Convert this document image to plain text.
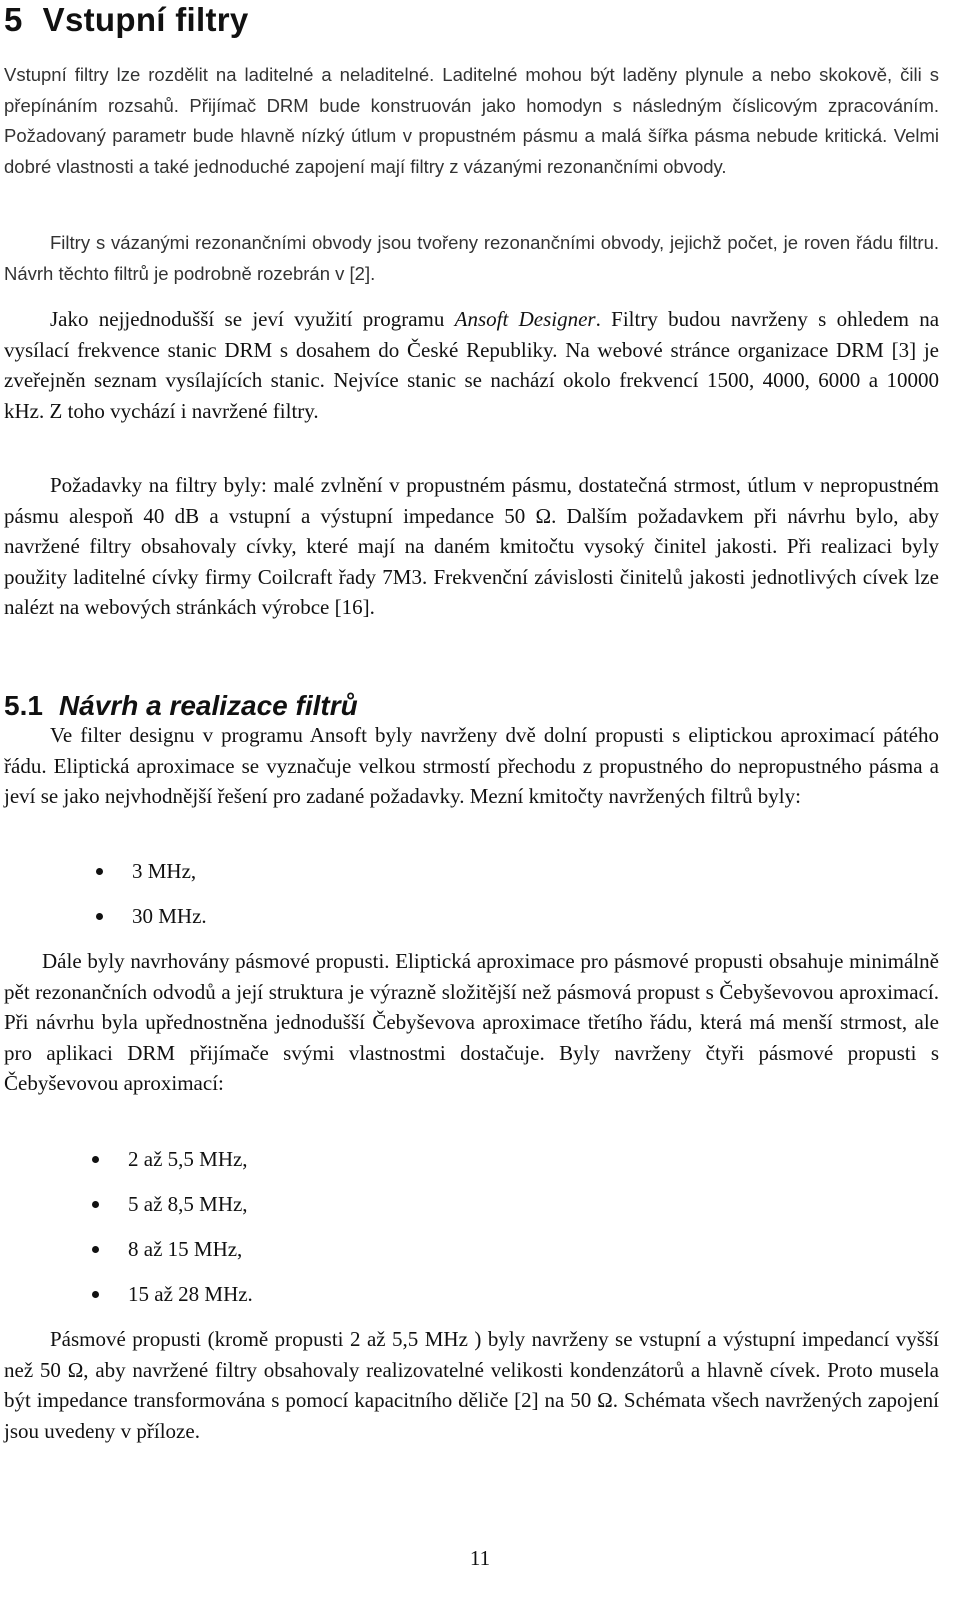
5 Vstupní filtry

Vstupní filtry lze rozdělit na laditelné a neladitelné. Laditelné mohou být laděny plynule a nebo skokově, čili s přepínáním rozsahů. Přijímač DRM bude konstruován jako homodyn s následným číslicovým zpracováním. Požadovaný parametr bude hlavně nízký útlum v propustném pásmu a malá šířka pásma nebude kritická. Velmi dobré vlastnosti a také jednoduché zapojení mají filtry z vázanými rezonančními obvody.

Filtry s vázanými rezonančními obvody jsou tvořeny rezonančními obvody, jejichž počet, je roven řádu filtru. Návrh těchto filtrů je podrobně rozebrán v [2].

Jako nejjednodušší se jeví využití programu Ansoft Designer. Filtry budou navrženy s ohledem na vysílací frekvence stanic DRM s dosahem do České Republiky. Na webové stránce organizace DRM [3] je zveřejněn seznam vysílajících stanic. Nejvíce stanic se nachází okolo frekvencí 1500, 4000, 6000 a 10000 kHz. Z toho vychází i navržené filtry.

Požadavky na filtry byly: malé zvlnění v propustném pásmu, dostatečná strmost, útlum v nepropustném pásmu alespoň 40 dB a vstupní a výstupní impedance 50 Ω. Dalším požadavkem při návrhu bylo, aby navržené filtry obsahovaly cívky, které mají na daném kmitočtu vysoký činitel jakosti. Při realizaci byly použity laditelné cívky firmy Coilcraft řady 7M3. Frekvenční závislosti činitelů jakosti jednotlivých cívek lze nalézt na webových stránkách výrobce [16].

5.1 Návrh a realizace filtrů

Ve filter designu v programu Ansoft byly navrženy dvě dolní propusti s eliptickou aproximací pátého řádu. Eliptická aproximace se vyznačuje velkou strmostí přechodu z propustného do nepropustného pásma a jeví se jako nejvhodnější řešení pro zadané požadavky. Mezní kmitočty navržených filtrů byly:

3 MHz,
30 MHz.

Dále byly navrhovány pásmové propusti. Eliptická aproximace pro pásmové propusti obsahuje minimálně pět rezonančních odvodů a její struktura je výrazně složitější než pásmová propust s Čebyševovou aproximací. Při návrhu byla upřednostněna jednodušší Čebyševova aproximace třetího řádu, která má menší strmost, ale pro aplikaci DRM přijímače svými vlastnostmi dostačuje. Byly navrženy čtyři pásmové propusti s Čebyševovou aproximací:

2 až 5,5 MHz,
5 až 8,5 MHz,
8 až 15 MHz,
15 až 28 MHz.

Pásmové propusti (kromě propusti 2 až 5,5 MHz ) byly navrženy se vstupní a výstupní impedancí vyšší než 50 Ω, aby navržené filtry obsahovaly realizovatelné velikosti kondenzátorů a hlavně cívek. Proto musela být impedance transformována s pomocí kapacitního děliče [2] na 50 Ω. Schémata všech navržených zapojení jsou uvedeny v příloze.

11
